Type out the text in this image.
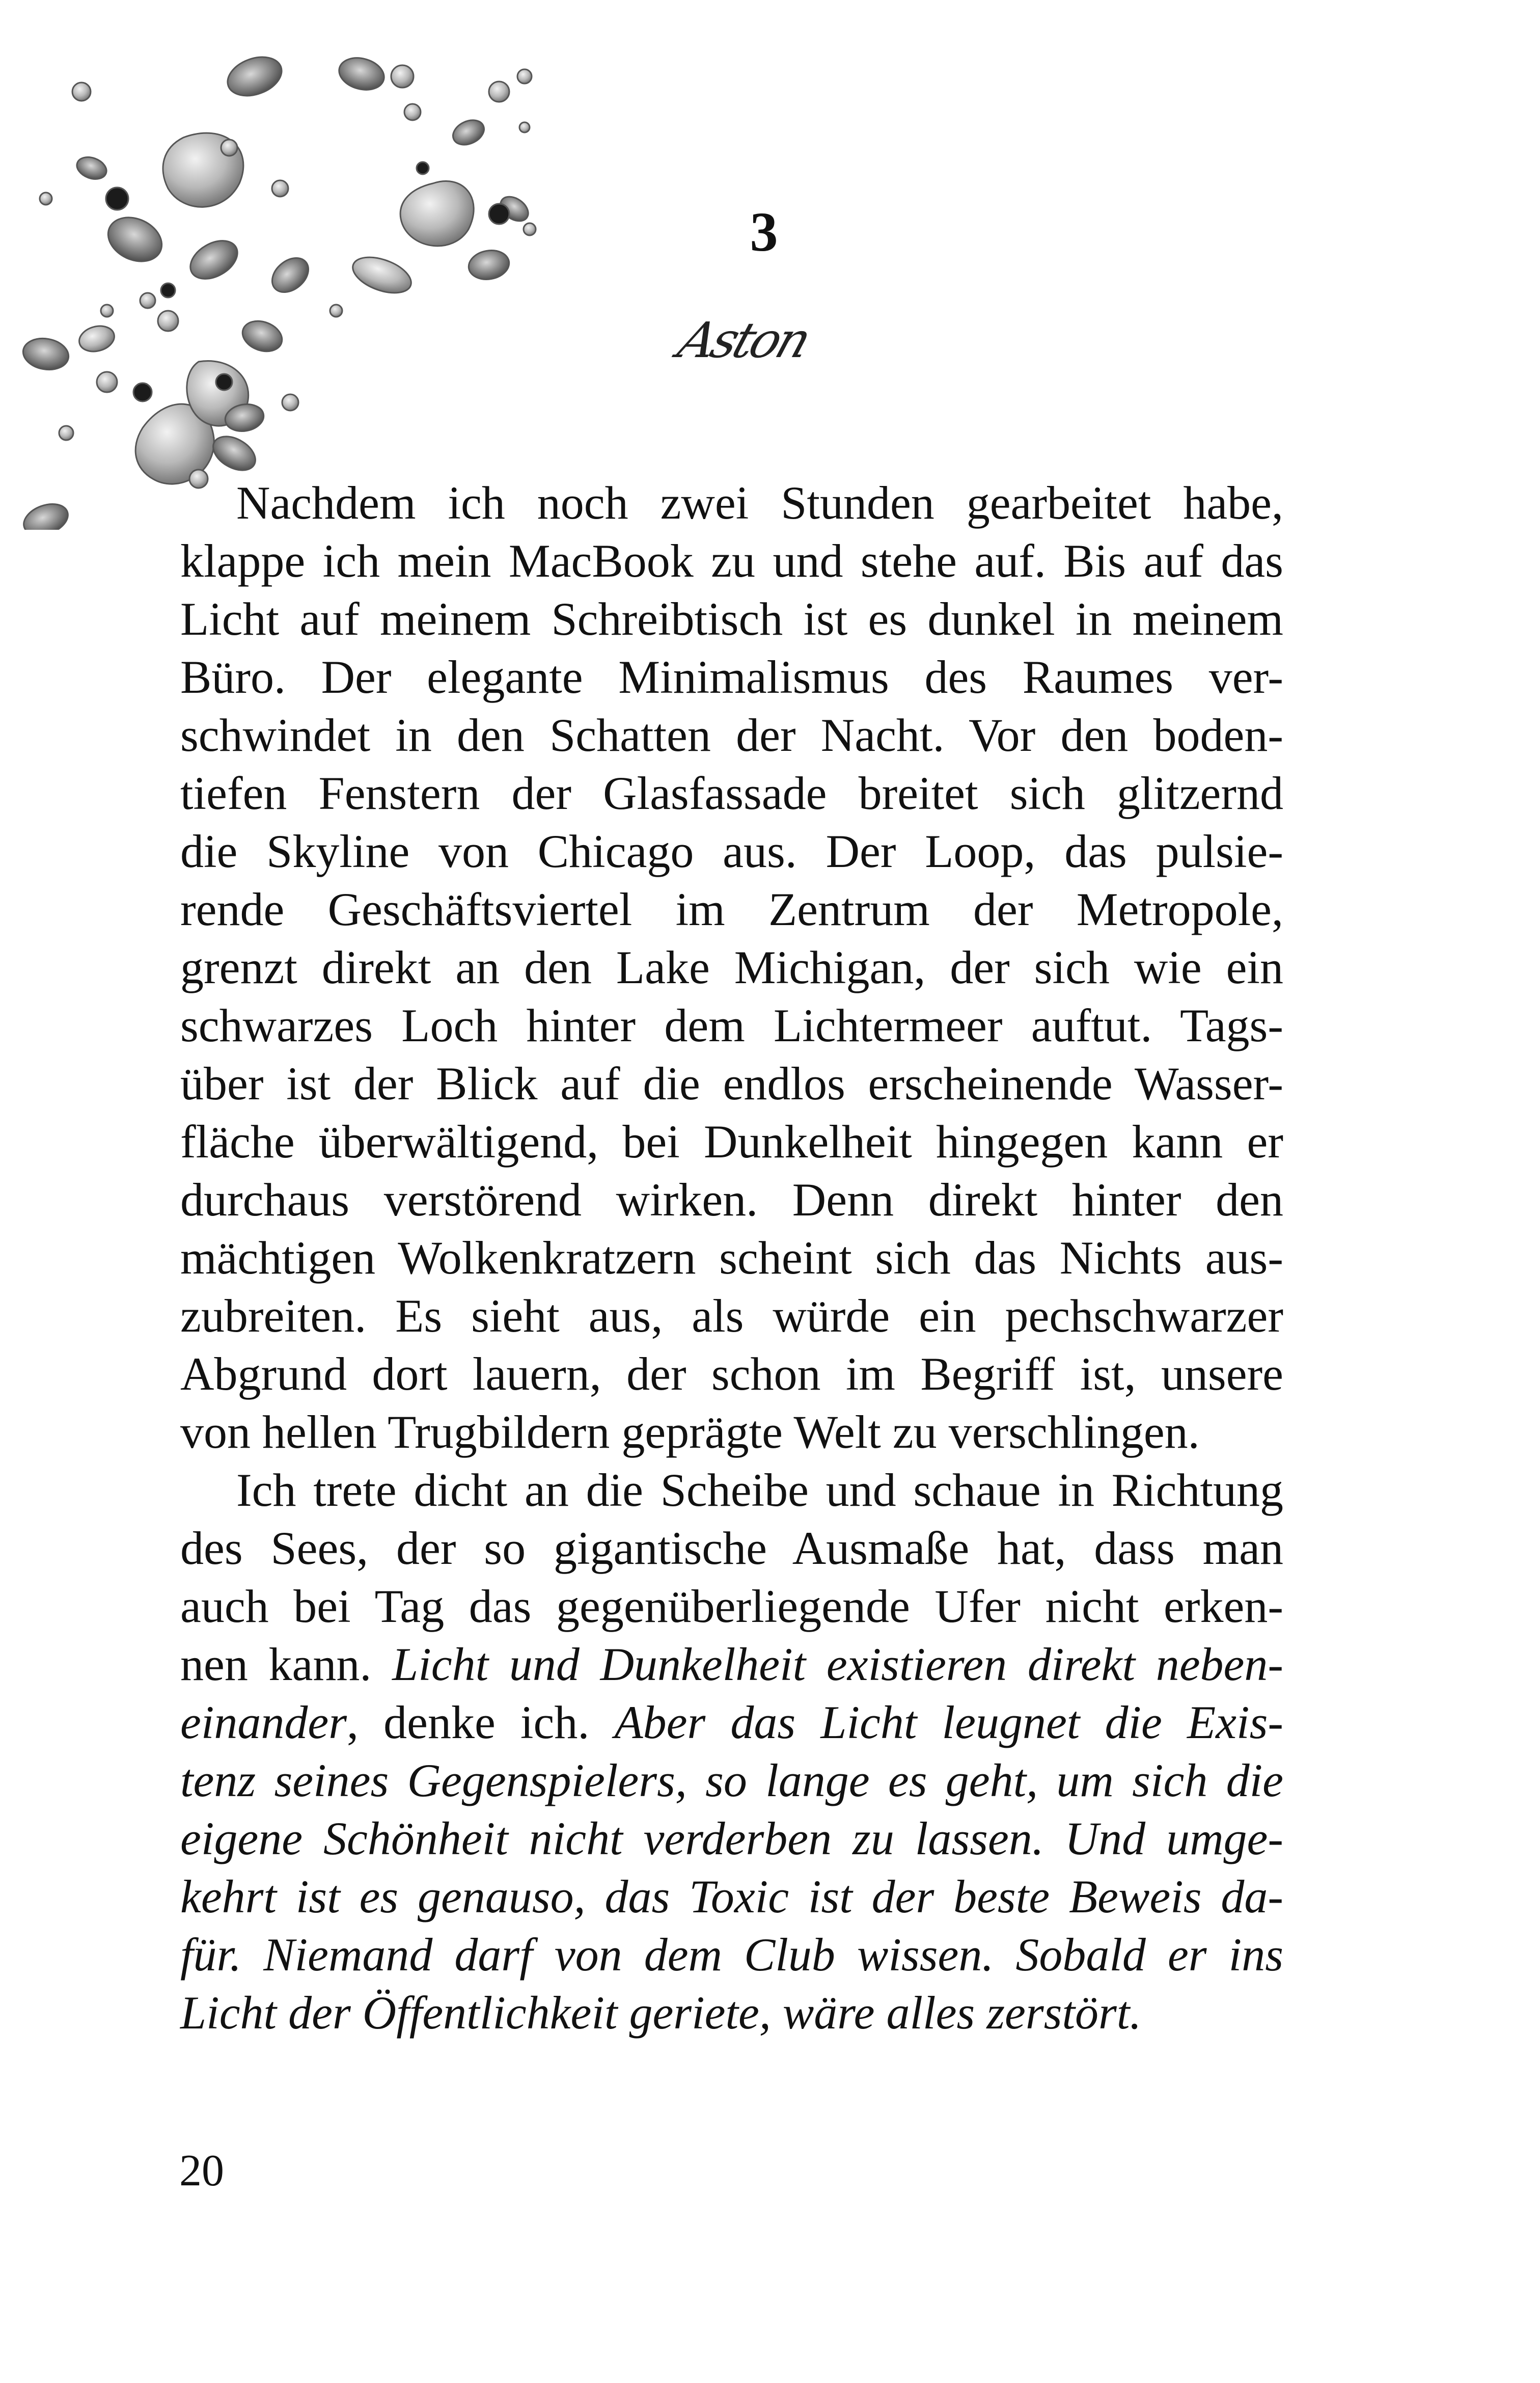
3
Aston

Nachdem ich noch zwei Stunden gearbeitet habe,
klappe ich mein MacBook zu und stehe auf. Bis auf das
Licht auf meinem Schreibtisch ist es dunkel in meinem
Büro. Der elegante Minimalismus des Raumes ver-
schwindet in den Schatten der Nacht. Vor den boden-
tiefen Fenstern der Glasfassade breitet sich glitzernd
die Skyline von Chicago aus. Der Loop, das pulsie-
rende Geschäftsviertel im Zentrum der Metropole,
grenzt direkt an den Lake Michigan, der sich wie ein
schwarzes Loch hinter dem Lichtermeer auftut. Tags-
über ist der Blick auf die endlos erscheinende Wasser-
fläche überwältigend, bei Dunkelheit hingegen kann er
durchaus verstörend wirken. Denn direkt hinter den
mächtigen Wolkenkratzern scheint sich das Nichts aus-
zubreiten. Es sieht aus, als würde ein pechschwarzer
Abgrund dort lauern, der schon im Begriff ist, unsere
von hellen Trugbildern geprägte Welt zu verschlingen.

Ich trete dicht an die Scheibe und schaue in Richtung
des Sees, der so gigantische Ausmaße hat, dass man
auch bei Tag das gegenüberliegende Ufer nicht erken-
nen kann. Licht und Dunkelheit existieren direkt neben-
einander, denke ich. Aber das Licht leugnet die Exis-
tenz seines Gegenspielers, so lange es geht, um sich die
eigene Schönheit nicht verderben zu lassen. Und umge-
kehrt ist es genauso, das Toxic ist der beste Beweis da-
für. Niemand darf von dem Club wissen. Sobald er ins
Licht der Öffentlichkeit geriete, wäre alles zerstört.

20
